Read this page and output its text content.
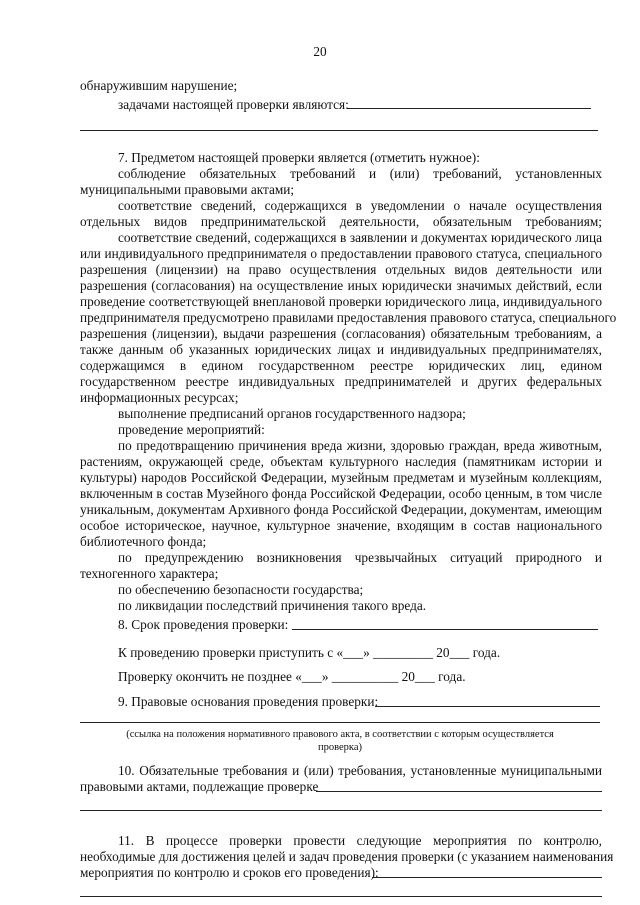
20
обнаружившим нарушение;
задачами настоящей проверки являются:
7. Предметом настоящей проверки является (отметить нужное):
соблюдение обязательных требований и (или) требований, установленных
муниципальными правовыми актами;
соответствие сведений, содержащихся в уведомлении о начале осуществления
отдельных видов предпринимательской деятельности, обязательным требованиям;
соответствие сведений, содержащихся в заявлении и документах юридического лица
или индивидуального предпринимателя о предоставлении правового статуса, специального
разрешения (лицензии) на право осуществления отдельных видов деятельности или
разрешения (согласования) на осуществление иных юридически значимых действий, если
проведение соответствующей внеплановой проверки юридического лица, индивидуального
предпринимателя предусмотрено правилами предоставления правового статуса, специального
разрешения (лицензии), выдачи разрешения (согласования) обязательным требованиям, а
также данным об указанных юридических лицах и индивидуальных предпринимателях,
содержащимся в едином государственном реестре юридических лиц, едином
государственном реестре индивидуальных предпринимателей и других федеральных
информационных ресурсах;
выполнение предписаний органов государственного надзора;
проведение мероприятий:
по предотвращению причинения вреда жизни, здоровью граждан, вреда животным,
растениям, окружающей среде, объектам культурного наследия (памятникам истории и
культуры) народов Российской Федерации, музейным предметам и музейным коллекциям,
включенным в состав Музейного фонда Российской Федерации, особо ценным, в том числе
уникальным, документам Архивного фонда Российской Федерации, документам, имеющим
особое историческое, научное, культурное значение, входящим в состав национального
библиотечного фонда;
по предупреждению возникновения чрезвычайных ситуаций природного и
техногенного характера;
по обеспечению безопасности государства;
по ликвидации последствий причинения такого вреда.
8. Срок проведения проверки:
К проведению проверки приступить с «___» _________ 20___ года.
Проверку окончить не позднее «___» __________ 20___ года.
9. Правовые основания проведения проверки:
(ссылка на положения нормативного правового акта, в соответствии с которым осуществляется
проверка)
10. Обязательные требования и (или) требования, установленные муниципальными
правовыми актами, подлежащие проверке
11. В процессе проверки провести следующие мероприятия по контролю,
необходимые для достижения целей и задач проведения проверки (с указанием наименования
мероприятия по контролю и сроков его проведения):
